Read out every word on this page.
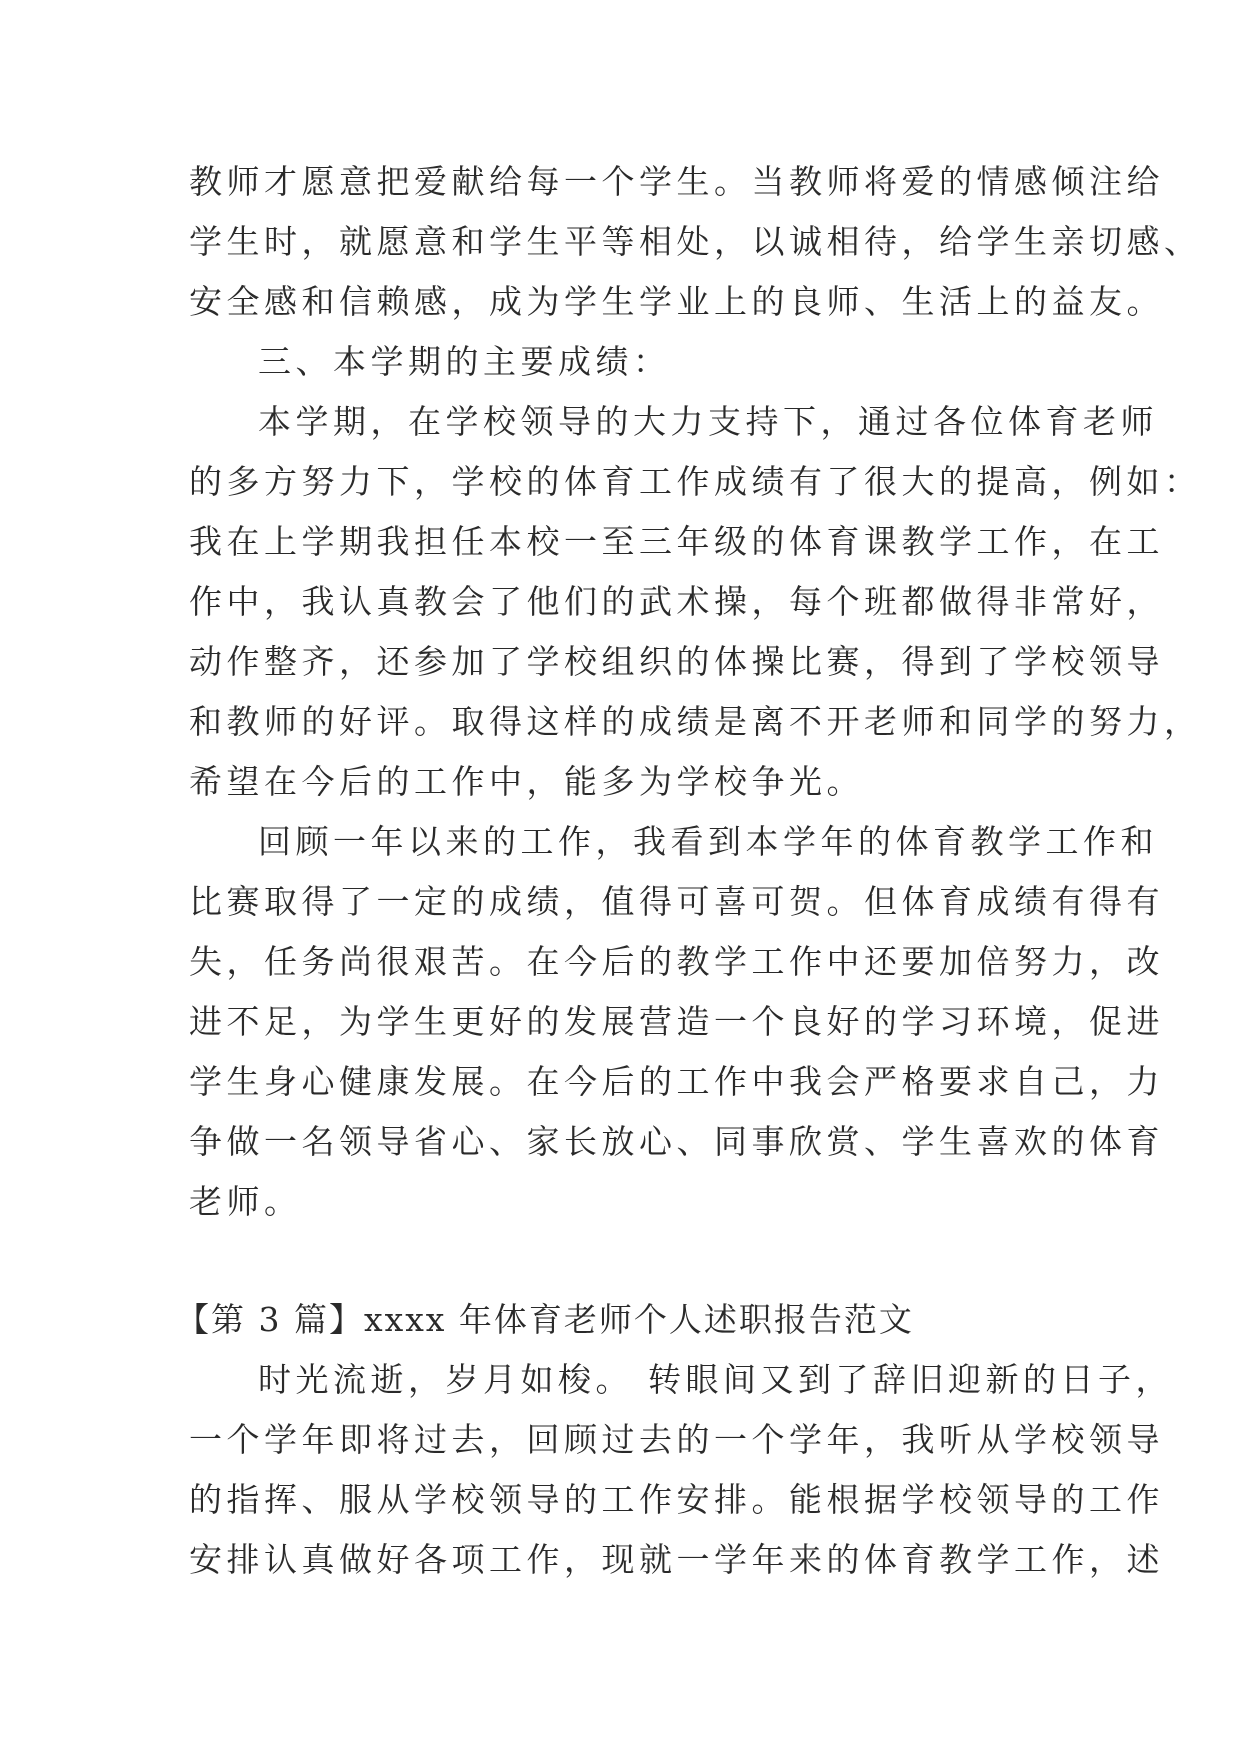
教师才愿意把爱献给每一个学生。当教师将爱的情感倾注给
学生时，就愿意和学生平等相处，以诚相待，给学生亲切感、
安全感和信赖感，成为学生学业上的良师、生活上的益友。
三、本学期的主要成绩：
本学期，在学校领导的大力支持下，通过各位体育老师
的多方努力下，学校的体育工作成绩有了很大的提高，例如：
我在上学期我担任本校一至三年级的体育课教学工作，在工
作中，我认真教会了他们的武术操，每个班都做得非常好，
动作整齐，还参加了学校组织的体操比赛，得到了学校领导
和教师的好评。取得这样的成绩是离不开老师和同学的努力，
希望在今后的工作中，能多为学校争光。
回顾一年以来的工作，我看到本学年的体育教学工作和
比赛取得了一定的成绩，值得可喜可贺。但体育成绩有得有
失，任务尚很艰苦。在今后的教学工作中还要加倍努力，改
进不足，为学生更好的发展营造一个良好的学习环境，促进
学生身心健康发展。在今后的工作中我会严格要求自己，力
争做一名领导省心、家长放心、同事欣赏、学生喜欢的体育
老师。
【第 3 篇】xxxx 年体育老师个人述职报告范文
时光流逝，岁月如梭。 转眼间又到了辞旧迎新的日子，
一个学年即将过去，回顾过去的一个学年，我听从学校领导
的指挥、服从学校领导的工作安排。能根据学校领导的工作
安排认真做好各项工作，现就一学年来的体育教学工作，述
